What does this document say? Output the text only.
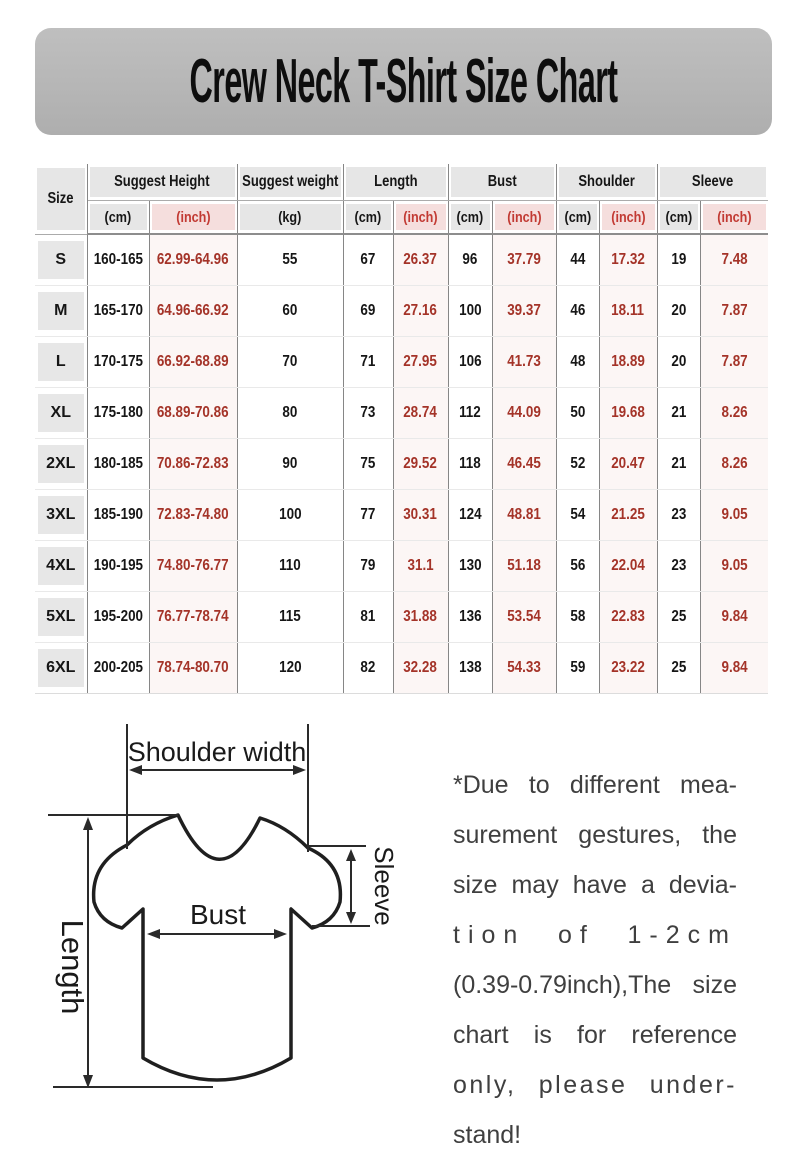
Crew Neck T-Shirt Size Chart
Size	Suggest Height		Suggest weight	Length		Bust		Shoulder		Sleeve	

	(cm)	(inch)	(kg)	(cm)	(inch)	(cm)	(inch)	(cm)	(inch)	(cm)	(inch)

S	160-165	62.99-64.96	55	67	26.37	96	37.79	44	17.32	19	7.48

M	165-170	64.96-66.92	60	69	27.16	100	39.37	46	18.11	20	7.87

L	170-175	66.92-68.89	70	71	27.95	106	41.73	48	18.89	20	7.87

XL	175-180	68.89-70.86	80	73	28.74	112	44.09	50	19.68	21	8.26

2XL	180-185	70.86-72.83	90	75	29.52	118	46.45	52	20.47	21	8.26

3XL	185-190	72.83-74.80	100	77	30.31	124	48.81	54	21.25	23	9.05

4XL	190-195	74.80-76.77	110	79	31.1	130	51.18	56	22.04	23	9.05

5XL	195-200	76.77-78.74	115	81	31.88	136	53.54	58	22.83	25	9.84

6XL	200-205	78.74-80.70	120	82	32.28	138	54.33	59	23.22	25	9.84
Shoulder width
Length
Bust	Sleeve
*Due to different mea-
surement gestures, the
size may have a devia-
tion of 1-2cm
(0.39-0.79inch),The size
chart is for reference
only, please under-
stand!
